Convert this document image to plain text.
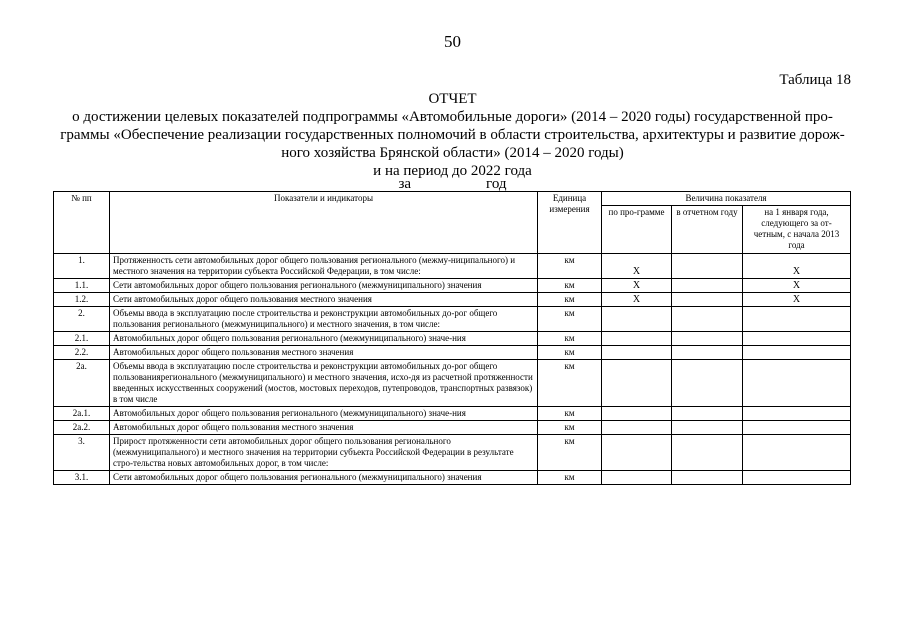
50
Таблица 18
ОТЧЕТ
о достижении целевых показателей подпрограммы «Автомобильные дороги» (2014 – 2020 годы) государственной про-
граммы «Обеспечение реализации государственных полномочий в области строительства, архитектуры и развитие дорож-
ного хозяйства Брянской области» (2014 – 2020 годы)
и на период до 2022 года
за                    год
№ пп	Показатели и индикаторы	Единица измерения	Величина показателя		
			по про-грамме	в отчетном году	на 1 января года, следующего за от-четным, с начала 2013 года
1.	Протяженность сети автомобильных дорог общего пользования регионального (межму-ниципального) и местного значения на территории субъекта Российской Федерации, в том числе:	км	X		X
1.1.	Сети автомобильных дорог общего пользования регионального (межмуниципального) значения	км	X		X
1.2.	Сети автомобильных дорог общего пользования местного значения	км	X		X
2.	Объемы ввода в эксплуатацию после строительства и реконструкции автомобильных до-рог общего пользования регионального (межмуниципального) и местного значения, в том числе:	км			
2.1.	Автомобильных дорог общего пользования регионального (межмуниципального) значе-ния	км			
2.2.	Автомобильных дорог общего пользования местного значения	км			
2а.	Объемы ввода в эксплуатацию после строительства и реконструкции автомобильных до-рог общего пользованиярегионального (межмуниципального) и местного значения, исхо-дя из расчетной протяженности введенных искусственных сооружений (мостов, мостовых переходов, путепроводов, транспортных развязок) в том числе	км			
2а.1.	Автомобильных дорог общего пользования регионального (межмуниципального) значе-ния	км			
2а.2.	Автомобильных дорог общего пользования местного значения	км			
3.	Прирост протяженности сети автомобильных дорог общего пользования регионального (межмуниципального) и местного значения на территории субъекта Российской Федерации в результате стро-тельства новых автомобильных дорог, в том числе:	км			
3.1.	Сети автомобильных дорог общего пользования регионального (межмуниципального) значения	км			
